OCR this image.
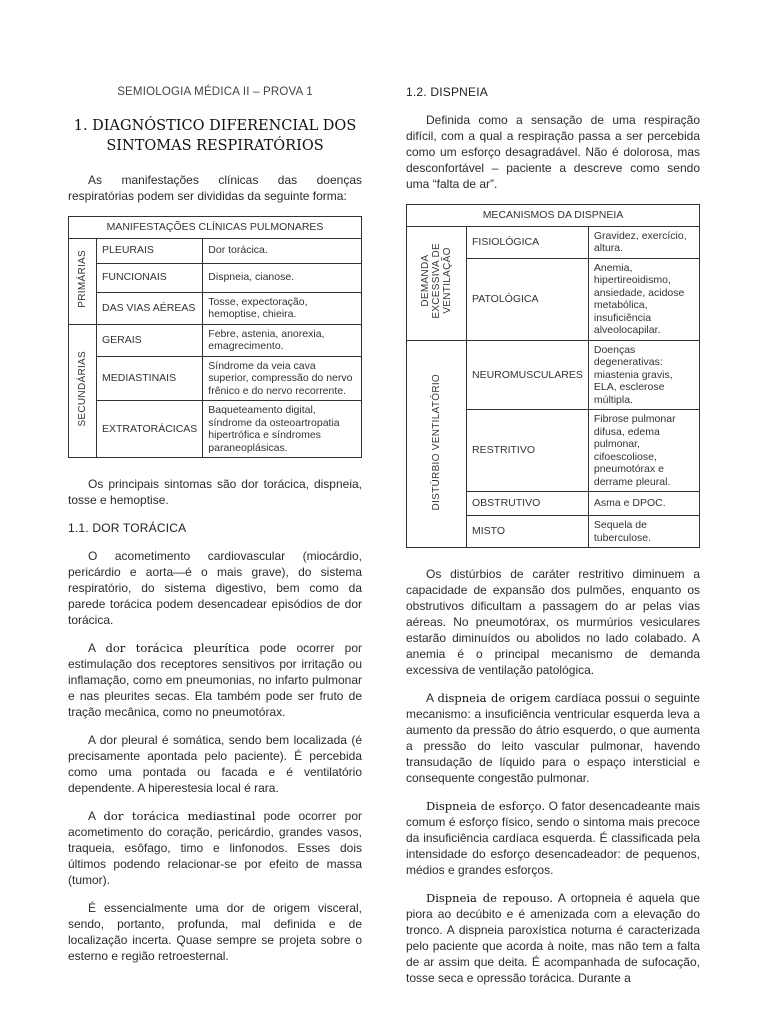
SEMIOLOGIA MÉDICA II – PROVA 1
1. DIAGNÓSTICO DIFERENCIAL DOS
SINTOMAS RESPIRATÓRIOS

As manifestações clínicas das doenças respiratórias podem ser divididas da seguinte forma:

MANIFESTAÇÕES CLÍNICAS PULMONARES		
PRIMÁRIAS	PLEURAIS	Dor torácica.
	FUNCIONAIS	Dispneia, cianose.
	DAS VIAS AÉREAS	Tosse, expectoração, hemoptise, chieira.
SECUNDÁRIAS	GERAIS	Febre, astenia, anorexia, emagrecimento.
	MEDIASTINAIS	Síndrome da veia cava superior, compressão do nervo frênico e do nervo recorrente.
	EXTRATORÁCICAS	Baqueteamento digital, síndrome da osteoartropatia hipertrófica e síndromes paraneoplásicas.

Os principais sintomas são dor torácica, dispneia, tosse e hemoptise.

1.1. DOR TORÁCICA

O acometimento cardiovascular (miocárdio, pericárdio e aorta—é o mais grave), do sistema respiratório, do sistema digestivo, bem como da parede torácica podem desencadear episódios de dor torácica.

A dor torácica pleurítica pode ocorrer por estimulação dos receptores sensitivos por irritação ou inflamação, como em pneumonias, no infarto pulmonar e nas pleurites secas. Ela também pode ser fruto de tração mecânica, como no pneumotórax.

A dor pleural é somática, sendo bem localizada (é precisamente apontada pelo paciente). É percebida como uma pontada ou facada e é ventilatório dependente. A hiperestesia local é rara.

A dor torácica mediastinal pode ocorrer por acometimento do coração, pericárdio, grandes vasos, traqueia, esôfago, timo e linfonodos. Esses dois últimos podendo relacionar-se por efeito de massa (tumor).

É essencialmente uma dor de origem visceral, sendo, portanto, profunda, mal definida e de localização incerta. Quase sempre se projeta sobre o esterno e região retroesternal.

1.2. DISPNEIA

Definida como a sensação de uma respiração difícil, com a qual a respiração passa a ser percebida como um esforço desagradável. Não é dolorosa, mas desconfortável – paciente a descreve como sendo uma “falta de ar”.

MECANISMOS DA DISPNEIA		
DEMANDA
EXCESSIVA DE
VENTILAÇÃO	FISIOLÓGICA	Gravidez, exercício, altura.
	PATOLÓGICA	Anemia, hipertireoidismo, ansiedade, acidose metabólica, insuficiência alveolocapilar.
DISTÚRBIO VENTILATÓRIO	NEUROMUSCULARES	Doenças degenerativas: miastenia gravis, ELA, esclerose múltipla.
	RESTRITIVO	Fibrose pulmonar difusa, edema pulmonar, cifoescoliose, pneumotórax e derrame pleural.
	OBSTRUTIVO	Asma e DPOC.
	MISTO	Sequela de tuberculose.

Os distúrbios de caráter restritivo diminuem a capacidade de expansão dos pulmões, enquanto os obstrutivos dificultam a passagem do ar pelas vias aéreas. No pneumotórax, os murmúrios vesiculares estarão diminuídos ou abolidos no lado colabado. A anemia é o principal mecanismo de demanda excessiva de ventilação patológica.

A dispneia de origem cardíaca possui o seguinte mecanismo: a insuficiência ventricular esquerda leva a aumento da pressão do átrio esquerdo, o que aumenta a pressão do leito vascular pulmonar, havendo transudação de líquido para o espaço intersticial e consequente congestão pulmonar.

Dispneia de esforço. O fator desencadeante mais comum é esforço físico, sendo o sintoma mais precoce da insuficiência cardíaca esquerda. É classificada pela intensidade do esforço desencadeador: de pequenos, médios e grandes esforços.

Dispneia de repouso. A ortopneia é aquela que piora ao decúbito e é amenizada com a elevação do tronco. A dispneia paroxística noturna é caracterizada pelo paciente que acorda à noite, mas não tem a falta de ar assim que deita. É acompanhada de sufocação, tosse seca e opressão torácica. Durante a
